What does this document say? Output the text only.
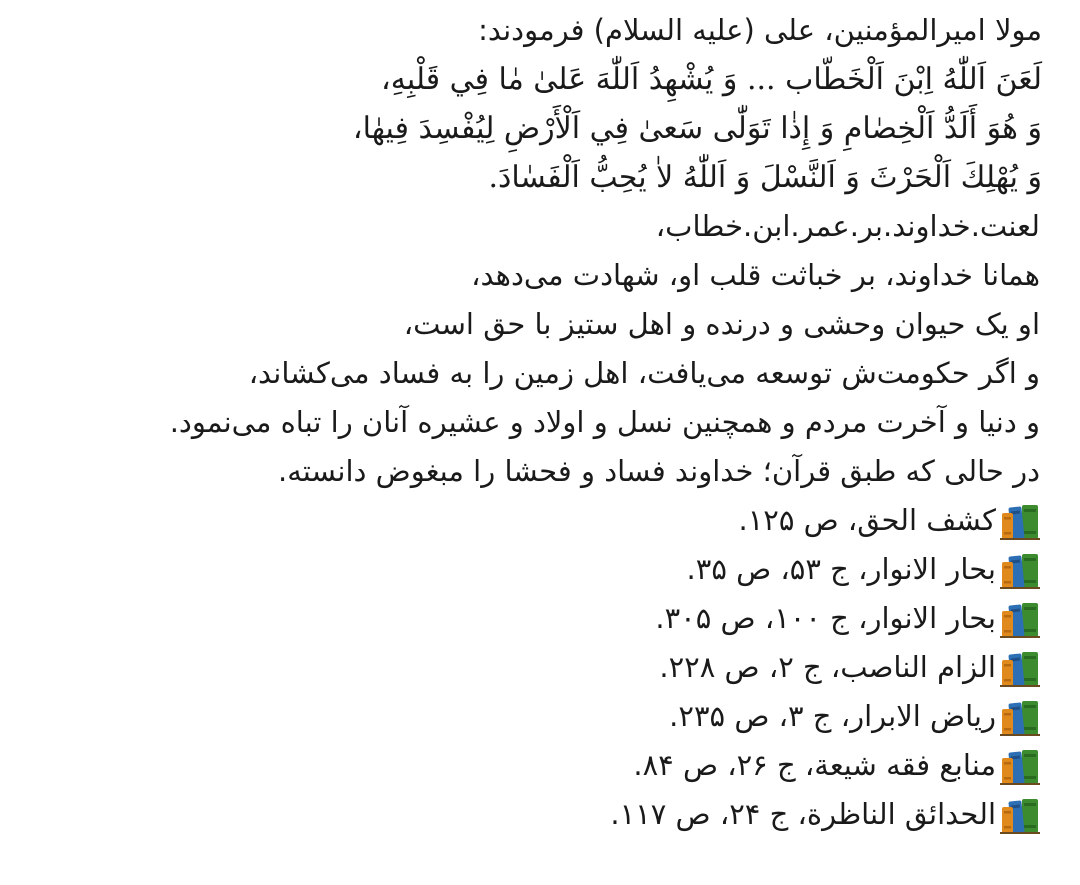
مولا امیرالمؤمنین، علی (علیه السلام) فرمودند:
لَعَنَ اَللّٰهُ اِبْنَ اَلْخَطّاب ... وَ یُشْهِدُ اَللّٰهَ عَلىٰ مٰا فِي قَلْبِهِ،
وَ هُوَ أَلَدُّ اَلْخِصٰامِ وَ إِذٰا تَوَلّٰى سَعىٰ فِي اَلْأَرْضِ لِيُفْسِدَ فِيهٰا،
وَ يُهْلِكَ اَلْحَرْثَ وَ اَلنَّسْلَ وَ اَللّٰهُ لاٰ يُحِبُّ اَلْفَسٰادَ.
لعنت.خداوند.بر.عمر.ابن.خطاب،
همانا خداوند، بر خباثت قلب او، شهادت می‌دهد،
او یک حیوان وحشی و درنده و اهل ستیز با حق است،
و اگر حکومت‌ش توسعه می‌یافت، اهل زمین را به فساد می‌کشاند،
و دنیا و آخرت مردم و همچنین نسل و اولاد و عشیره آنان را تباه می‌نمود.
در حالی که طبق قرآن؛ خداوند فساد و فحشا را مبغوض دانسته.
کشف الحق، ص ۱۲۵.
بحار الانوار، ج ۵۳، ص ۳۵.
بحار الانوار، ج ۱۰۰، ص ۳۰۵.
الزام الناصب، ج ۲، ص ۲۲۸.
ریاض الابرار، ج ۳، ص ۲۳۵.
منابع فقه شیعة، ج ۲۶، ص ۸۴.
الحدائق الناظرة، ج ۲۴، ص ۱۱۷.
